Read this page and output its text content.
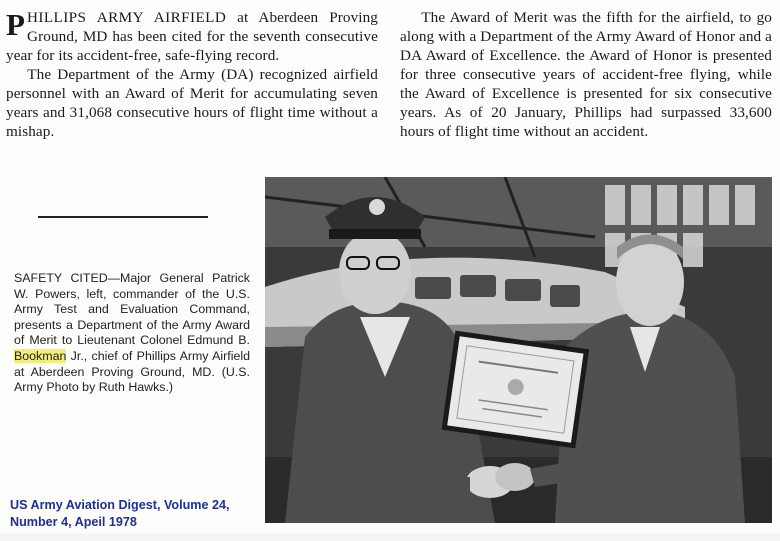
PHILLIPS ARMY AIRFIELD at Aberdeen Proving Ground, MD has been cited for the seventh consecutive year for its accident-free, safe-flying record.

The Department of the Army (DA) recognized airfield personnel with an Award of Merit for accumulating seven years and 31,068 consecutive hours of flight time without a mishap.

The Award of Merit was the fifth for the airfield, to go along with a Department of the Army Award of Honor and a DA Award of Excellence. the Award of Honor is presented for three consecutive years of accident-free flying, while the Award of Excellence is presented for six consecutive years. As of 20 January, Phillips had surpassed 33,600 hours of flight time without an accident.

SAFETY CITED—Major General Patrick W. Powers, left, commander of the U.S. Army Test and Evaluation Command, presents a Department of the Army Award of Merit to Lieutenant Colonel Edmund B. Bookman Jr., chief of Phillips Army Airfield at Aberdeen Proving Ground, MD. (U.S. Army Photo by Ruth Hawks.)
US Army Aviation Digest, Volume 24,
Number 4, Apeil 1978
